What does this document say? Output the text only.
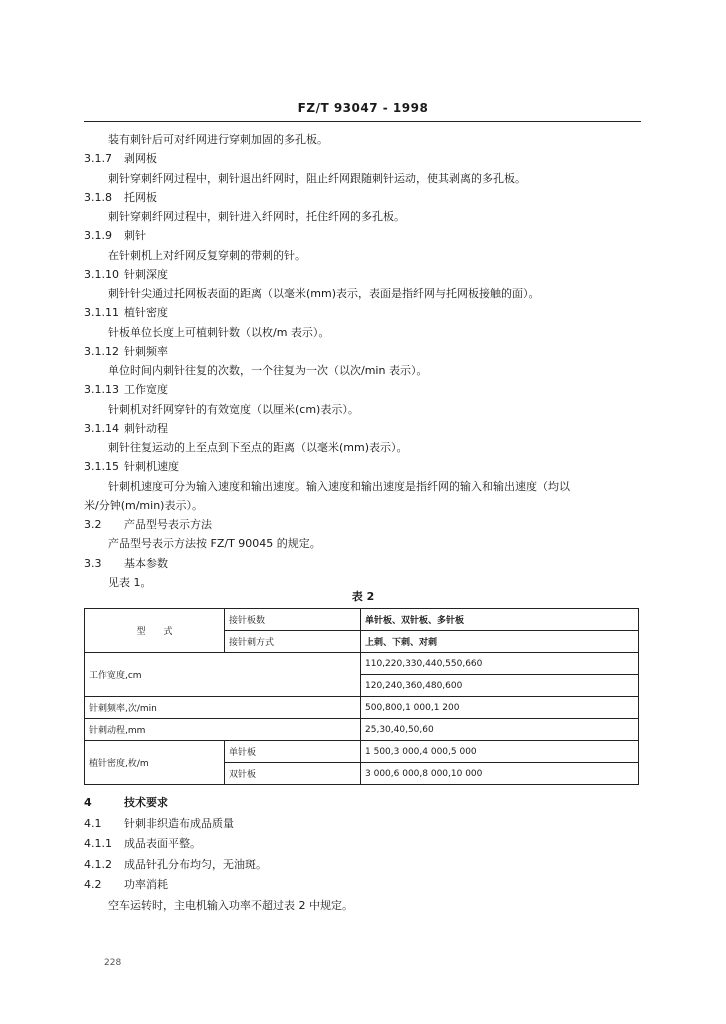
FZ/T 93047 - 1998
装有刺针后可对纤网进行穿刺加固的多孔板。
3.1.7 剥网板
刺针穿刺纤网过程中，刺针退出纤网时，阻止纤网跟随刺针运动，使其剥离的多孔板。
3.1.8 托网板
刺针穿刺纤网过程中，刺针进入纤网时，托住纤网的多孔板。
3.1.9 刺针
在针刺机上对纤网反复穿刺的带刺的针。
3.1.10 针刺深度
刺针针尖通过托网板表面的距离（以毫米(mm)表示，表面是指纤网与托网板接触的面）。
3.1.11 植针密度
针板单位长度上可植刺针数（以枚/m 表示）。
3.1.12 针刺频率
单位时间内刺针往复的次数，一个往复为一次（以次/min 表示）。
3.1.13 工作宽度
针刺机对纤网穿针的有效宽度（以厘米(cm)表示）。
3.1.14 刺针动程
刺针往复运动的上至点到下至点的距离（以毫米(mm)表示）。
3.1.15 针刺机速度
针刺机速度可分为输入速度和输出速度。输入速度和输出速度是指纤网的输入和输出速度（均以
米/分钟(m/min)表示）。
3.2 产品型号表示方法
产品型号表示方法按 FZ/T 90045 的规定。
3.3 基本参数
见表 1。
表 2
型　　式	接针板数	单针板、双针板、多针板
	接针刺方式	上刺、下刺、对刺
工作宽度,cm		110,220,330,440,550,660
		120,240,360,480,600
针刺频率,次/min		500,800,1 000,1 200
针刺动程,mm		25,30,40,50,60
植针密度,枚/m	单针板	1 500,3 000,4 000,5 000
	双针板	3 000,6 000,8 000,10 000
4	技术要求
4.1 针刺非织造布成品质量
4.1.1 成品表面平整。
4.1.2 成品针孔分布均匀，无油斑。
4.2 功率消耗
空车运转时，主电机输入功率不超过表 2 中规定。
228
